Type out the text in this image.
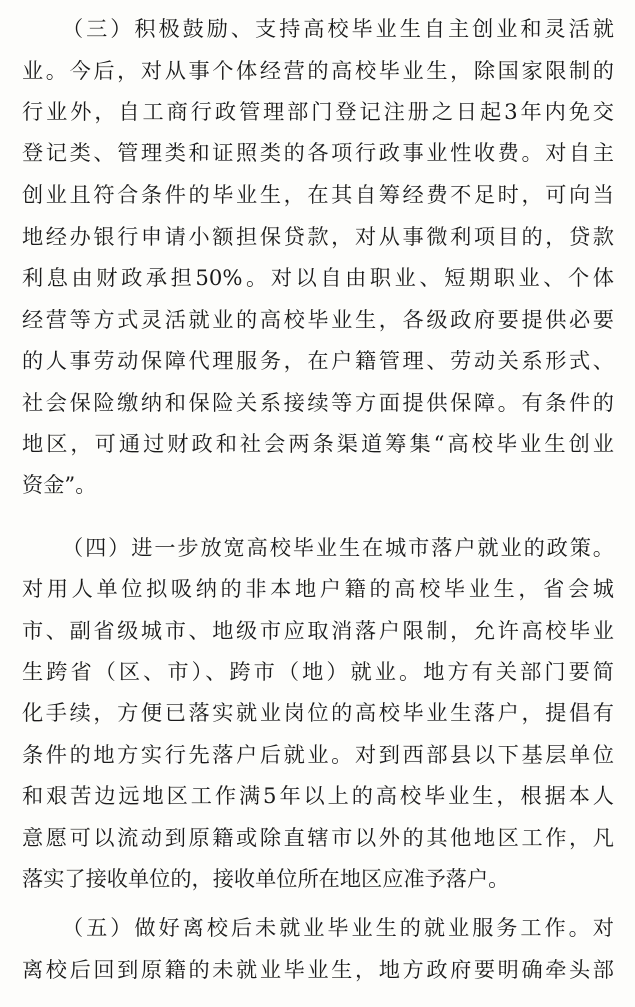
（三）积极鼓励、支持高校毕业生自主创业和灵活就
业。今后，对从事个体经营的高校毕业生，除国家限制的
行业外，自工商行政管理部门登记注册之日起3年内免交
登记类、管理类和证照类的各项行政事业性收费。对自主
创业且符合条件的毕业生，在其自筹经费不足时，可向当
地经办银行申请小额担保贷款，对从事微利项目的，贷款
利息由财政承担50%。对以自由职业、短期职业、个体
经营等方式灵活就业的高校毕业生，各级政府要提供必要
的人事劳动保障代理服务，在户籍管理、劳动关系形式、
社会保险缴纳和保险关系接续等方面提供保障。有条件的
地区，可通过财政和社会两条渠道筹集“高校毕业生创业
资金”。
（四）进一步放宽高校毕业生在城市落户就业的政策。
对用人单位拟吸纳的非本地户籍的高校毕业生，省会城
市、副省级城市、地级市应取消落户限制，允许高校毕业
生跨省（区、市）、跨市（地）就业。地方有关部门要简
化手续，方便已落实就业岗位的高校毕业生落户，提倡有
条件的地方实行先落户后就业。对到西部县以下基层单位
和艰苦边远地区工作满5年以上的高校毕业生，根据本人
意愿可以流动到原籍或除直辖市以外的其他地区工作，凡
落实了接收单位的，接收单位所在地区应准予落户。
（五）做好离校后未就业毕业生的就业服务工作。对
离校后回到原籍的未就业毕业生，地方政府要明确牵头部
